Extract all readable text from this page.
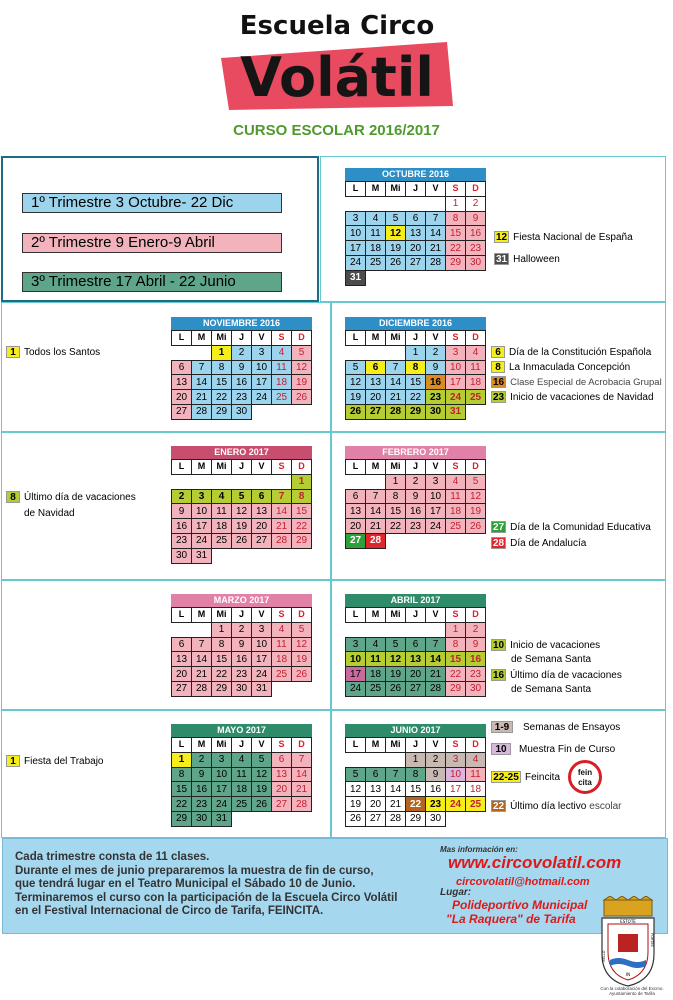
Escuela Circo
Volátil
CURSO ESCOLAR 2016/2017
1º Trimestre 3 Octubre- 22 Dic
2º Trimestre 9 Enero-9 Abril
3º Trimestre 17 Abril - 22 Junio
OCTUBRE 2016
L	M	Mi	J	V	S	D
					1	2
3	4	5	6	7	8	9
10	11	12	13	14	15	16
17	18	19	20	21	22	23
24	25	26	27	28	29	30
31						
NOVIEMBRE 2016
L	M	Mi	J	V	S	D
		1	2	3	4	5
6	7	8	9	10	11	12
13	14	15	16	17	18	19
20	21	22	23	24	25	26
27	28	29	30			

DICIEMBRE 2016
L	M	Mi	J	V	S	D
			1	2	3	4
5	6	7	8	9	10	11
12	13	14	15	16	17	18
19	20	21	22	23	24	25
26	27	28	29	30	31	
ENERO 2017
L	M	Mi	J	V	S	D
						1
2	3	4	5	6	7	8
9	10	11	12	13	14	15
16	17	18	19	20	21	22
23	24	25	26	27	28	29
30	31					
FEBRERO 2017
L	M	Mi	J	V	S	D
		1	2	3	4	5
6	7	8	9	10	11	12
13	14	15	16	17	18	19
20	21	22	23	24	25	26
27	28					
MARZO 2017
L	M	Mi	J	V	S	D
		1	2	3	4	5
6	7	8	9	10	11	12
13	14	15	16	17	18	19
20	21	22	23	24	25	26
27	28	29	30	31		
ABRIL 2017
L	M	Mi	J	V	S	D
					1	2
3	4	5	6	7	8	9
10	11	12	13	14	15	16
17	18	19	20	21	22	23
24	25	26	27	28	29	30

MAYO 2017
L	M	Mi	J	V	S	D
1	2	3	4	5	6	7
8	9	10	11	12	13	14
15	16	17	18	19	20	21
22	23	24	25	26	27	28
29	30	31				
JUNIO 2017
L	M	Mi	J	V	S	D
			1	2	3	4
5	6	7	8	9	10	11
12	13	14	15	16	17	18
19	20	21	22	23	24	25
26	27	28	29	30		
12 Fiesta Nacional de España
31 Halloween
1 Todos los Santos	6 Día de la Constitución Española
8 La Inmaculada Concepción
16 Clase Especial de Acrobacia Grupal
23 Inicio de vacaciones de Navidad
8 Último día de vacaciones
de Navidad
27 Día de la Comunidad Educativa
28 Día de Andalucía
10 Inicio de vacaciones
de Semana Santa
16 Último día de vacaciones
de Semana Santa
1 Fiesta del Trabajo
1-9	Semanas de Ensayos
10	Muestra Fin de Curso
22-25 Feincita	fein cita
22 Último día lectivo escolar
Cada trimestre consta de 11 clases.
Durante el mes de junio prepararemos la muestra de fin de curso,
que tendrá lugar en el Teatro Municipal el Sábado 10 de Junio.
Terminaremos el curso con la participación de la Escuela Circo Volátil
en el Festival Internacional de Circo de Tarifa, FEINCITA.
Mas información en:
www.circovolatil.com
circovolatil@hotmail.com
Lugar:
Polideportivo Municipal
"La Raquera" de Tarifa	ESTOTE
FORTES
BELLO
IN
Con la colaboración del Excmo. Ayuntamiento de Tarifa
